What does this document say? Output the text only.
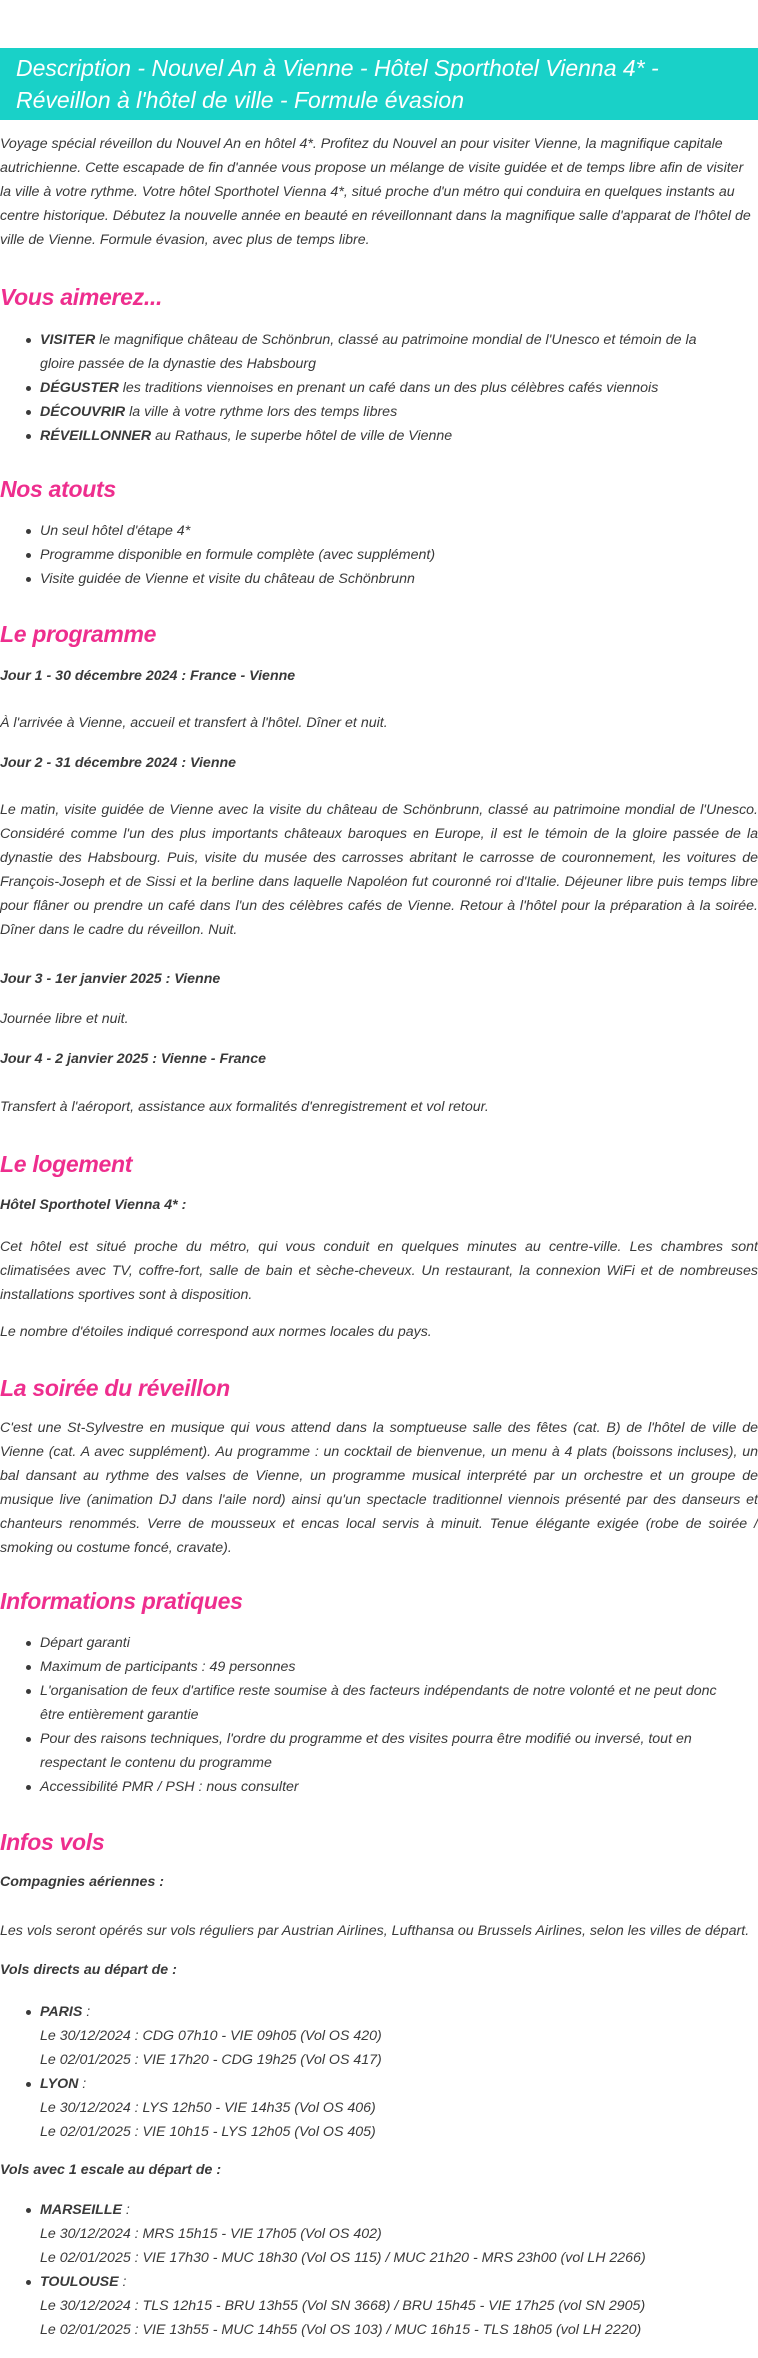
Description - Nouvel An à Vienne - Hôtel Sporthotel Vienna 4* -
Réveillon à l'hôtel de ville - Formule évasion
Voyage spécial réveillon du Nouvel An en hôtel 4*. Profitez du Nouvel an pour visiter Vienne, la magnifique capitale autrichienne. Cette escapade de fin d'année vous propose un mélange de visite guidée et de temps libre afin de visiter la ville à votre rythme. Votre hôtel Sporthotel Vienna 4*, situé proche d'un métro qui conduira en quelques instants au centre historique. Débutez la nouvelle année en beauté en réveillonnant dans la magnifique salle d'apparat de l'hôtel de ville de Vienne. Formule évasion, avec plus de temps libre.
Vous aimerez...
VISITER le magnifique château de Schönbrun, classé au patrimoine mondial de l'Unesco et témoin de la gloire passée de la dynastie des Habsbourg
DÉGUSTER les traditions viennoises en prenant un café dans un des plus célèbres cafés viennois
DÉCOUVRIR la ville à votre rythme lors des temps libres
RÉVEILLONNER au Rathaus, le superbe hôtel de ville de Vienne
Nos atouts
Un seul hôtel d'étape 4*
Programme disponible en formule complète (avec supplément)
Visite guidée de Vienne et visite du château de Schönbrunn
Le programme
Jour 1 - 30 décembre 2024 : France - Vienne
À l'arrivée à Vienne, accueil et transfert à l'hôtel. Dîner et nuit.
Jour 2 - 31 décembre 2024 : Vienne
Le matin, visite guidée de Vienne avec la visite du château de Schönbrunn, classé au patrimoine mondial de l'Unesco. Considéré comme l'un des plus importants châteaux baroques en Europe, il est le témoin de la gloire passée de la dynastie des Habsbourg. Puis, visite du musée des carrosses abritant le carrosse de couronnement, les voitures de François-Joseph et de Sissi et la berline dans laquelle Napoléon fut couronné roi d'Italie. Déjeuner libre puis temps libre pour flâner ou prendre un café dans l'un des célèbres cafés de Vienne. Retour à l'hôtel pour la préparation à la soirée. Dîner dans le cadre du réveillon. Nuit.
Jour 3 - 1er janvier 2025 : Vienne
Journée libre et nuit.
Jour 4 - 2 janvier 2025 : Vienne - France
Transfert à l'aéroport, assistance aux formalités d'enregistrement et vol retour.
Le logement
Hôtel Sporthotel Vienna 4* :
Cet hôtel est situé proche du métro, qui vous conduit en quelques minutes au centre-ville. Les chambres sont climatisées avec TV, coffre-fort, salle de bain et sèche-cheveux. Un restaurant, la connexion WiFi et de nombreuses installations sportives sont à disposition.
Le nombre d'étoiles indiqué correspond aux normes locales du pays.
La soirée du réveillon
C'est une St-Sylvestre en musique qui vous attend dans la somptueuse salle des fêtes (cat. B) de l'hôtel de ville de Vienne (cat. A avec supplément). Au programme : un cocktail de bienvenue, un menu à 4 plats (boissons incluses), un bal dansant au rythme des valses de Vienne, un programme musical interprété par un orchestre et un groupe de musique live (animation DJ dans l'aile nord) ainsi qu'un spectacle traditionnel viennois présenté par des danseurs et chanteurs renommés. Verre de mousseux et encas local servis à minuit. Tenue élégante exigée (robe de soirée / smoking ou costume foncé, cravate).
Informations pratiques
Départ garanti
Maximum de participants : 49 personnes
L'organisation de feux d'artifice reste soumise à des facteurs indépendants de notre volonté et ne peut donc être entièrement garantie
Pour des raisons techniques, l'ordre du programme et des visites pourra être modifié ou inversé, tout en respectant le contenu du programme
Accessibilité PMR / PSH : nous consulter
Infos vols
Compagnies aériennes :
Les vols seront opérés sur vols réguliers par Austrian Airlines, Lufthansa ou Brussels Airlines, selon les villes de départ.
Vols directs au départ de :
PARIS :
Le 30/12/2024 : CDG 07h10 - VIE 09h05 (Vol OS 420)
Le 02/01/2025 : VIE 17h20 - CDG 19h25 (Vol OS 417)
LYON :
Le 30/12/2024 : LYS 12h50 - VIE 14h35 (Vol OS 406)
Le 02/01/2025 : VIE 10h15 - LYS 12h05 (Vol OS 405)
Vols avec 1 escale au départ de :
MARSEILLE :
Le 30/12/2024 : MRS 15h15 - VIE 17h05 (Vol OS 402)
Le 02/01/2025 : VIE 17h30 - MUC 18h30 (Vol OS 115) / MUC 21h20 - MRS 23h00 (vol LH 2266)
TOULOUSE :
Le 30/12/2024 : TLS 12h15 - BRU 13h55 (Vol SN 3668) / BRU 15h45 - VIE 17h25 (vol SN 2905)
Le 02/01/2025 : VIE 13h55 - MUC 14h55 (Vol OS 103) / MUC 16h15 - TLS 18h05 (vol LH 2220)
